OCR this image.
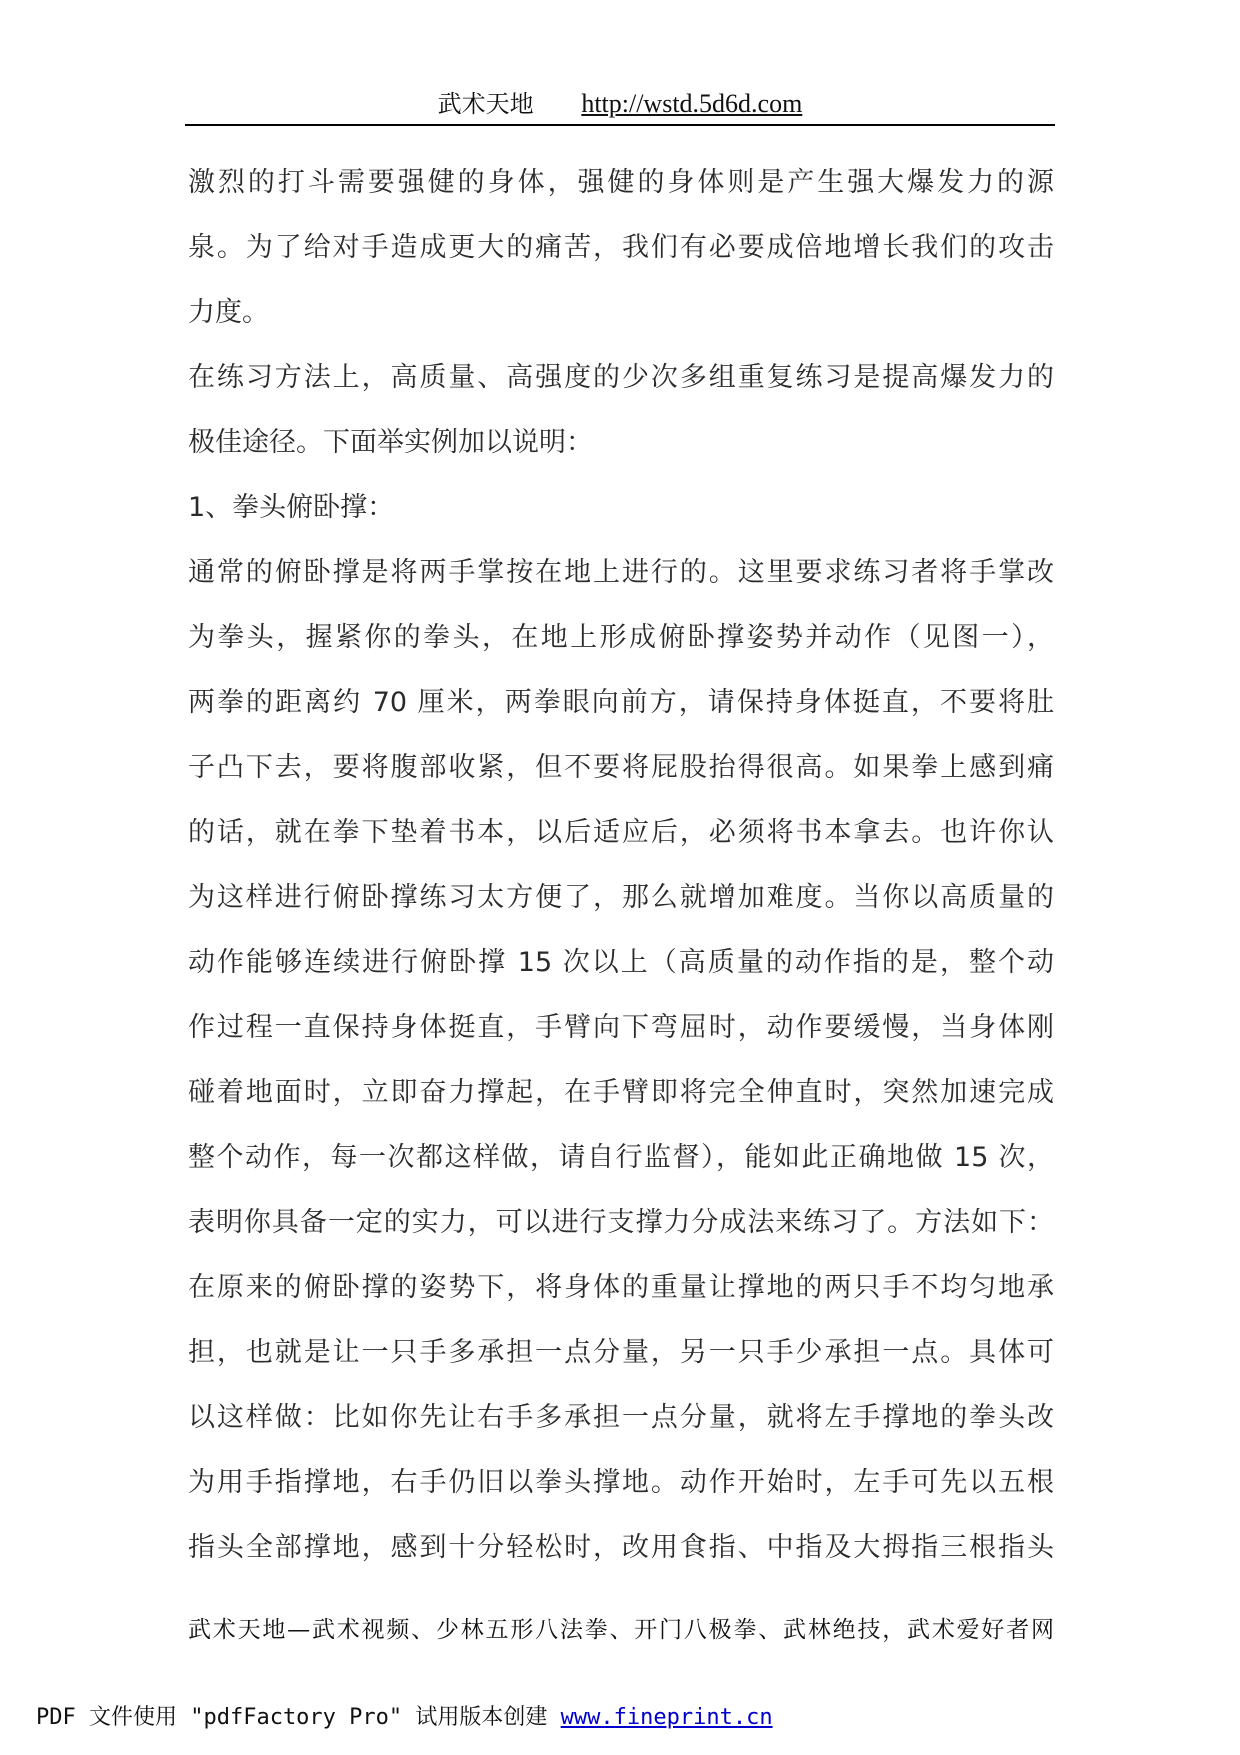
武术天地 http://wstd.5d6d.com
激烈的打斗需要强健的身体，强健的身体则是产生强大爆发力的源
泉。为了给对手造成更大的痛苦，我们有必要成倍地增长我们的攻击
力度。
在练习方法上，高质量、高强度的少次多组重复练习是提高爆发力的
极佳途径。下面举实例加以说明：
1、拳头俯卧撑：
通常的俯卧撑是将两手掌按在地上进行的。这里要求练习者将手掌改
为拳头，握紧你的拳头，在地上形成俯卧撑姿势并动作（见图一），
两拳的距离约 70 厘米，两拳眼向前方，请保持身体挺直，不要将肚
子凸下去，要将腹部收紧，但不要将屁股抬得很高。如果拳上感到痛
的话，就在拳下垫着书本，以后适应后，必须将书本拿去。也许你认
为这样进行俯卧撑练习太方便了，那么就增加难度。当你以高质量的
动作能够连续进行俯卧撑 15 次以上（高质量的动作指的是，整个动
作过程一直保持身体挺直，手臂向下弯屈时，动作要缓慢，当身体刚
碰着地面时，立即奋力撑起，在手臂即将完全伸直时，突然加速完成
整个动作，每一次都这样做，请自行监督），能如此正确地做 15 次，
表明你具备一定的实力，可以进行支撑力分成法来练习了。方法如下：
在原来的俯卧撑的姿势下，将身体的重量让撑地的两只手不均匀地承
担，也就是让一只手多承担一点分量，另一只手少承担一点。具体可
以这样做：比如你先让右手多承担一点分量，就将左手撑地的拳头改
为用手指撑地，右手仍旧以拳头撑地。动作开始时，左手可先以五根
指头全部撑地，感到十分轻松时，改用食指、中指及大拇指三根指头
武术天地—武术视频、少林五形八法拳、开门八极拳、武林绝技，武术爱好者网
PDF 文件使用 "pdfFactory Pro" 试用版本创建 www.fineprint.cn
